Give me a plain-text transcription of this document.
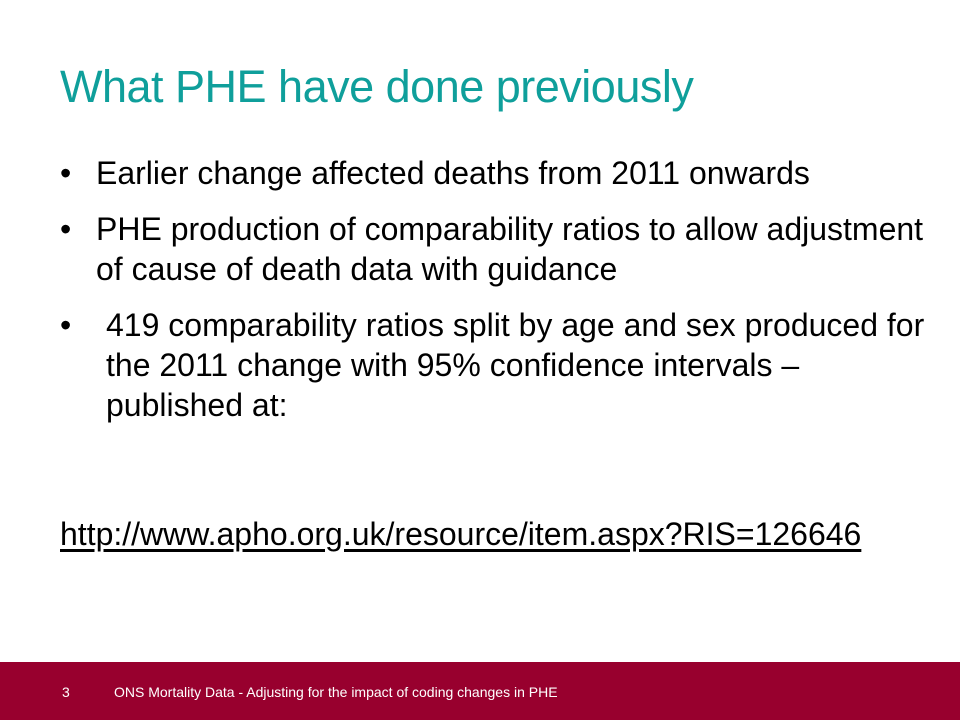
What PHE have done previously
• Earlier change affected deaths from 2011 onwards
• PHE production of comparability ratios to allow adjustment of cause of death data with guidance
• 419 comparability ratios split by age and sex produced for the 2011 change with 95% confidence intervals – published at:
http://www.apho.org.uk/resource/item.aspx?RIS=126646
3	ONS Mortality Data - Adjusting for the impact of coding changes in PHE
